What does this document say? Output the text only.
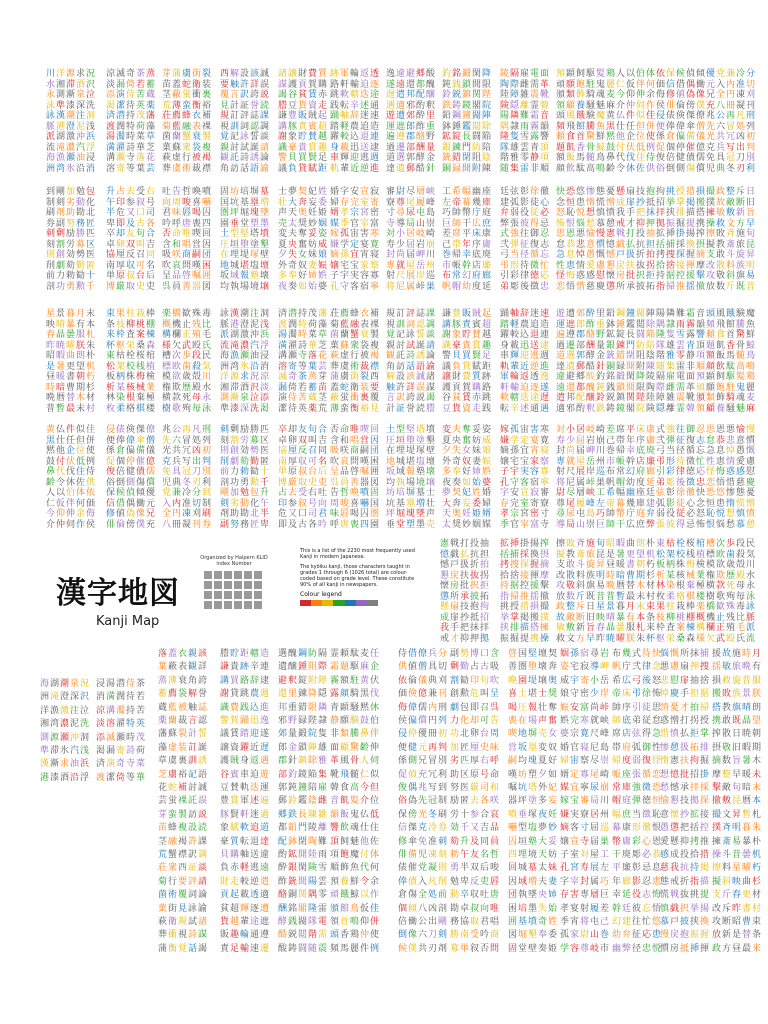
川
水
永
泳
詠
脈
派
流
海
洲
洋
湘
測
準
漢
港
湖
滝
漁
湾
源
滞
漸
漆
潮
澄
激
濃
瀬
氷
求
酒
泉
深
注
泥
沖
汽
油
沿
況
沢
泣
洗
洞
浅
浜
浮
浸
消
涼
淡
添
渇
済
渡
湯
満
溝
溶
滅
漏
演
潔
潜
潤
濁
濯
瀬
寄
奇
倚
侍
待
持
特
時
詩
寺
等
茶
若
苦
英
茂
荷
菜
華
落
葉
蒸
蓄
蔵
薬
藩
藻
草
芝
花
芸
芽
苗
茎
荒
荘
菊
菌
菓
萩
葬
蒲
蓋
蔽
薄
薦
藍
蘭
蘇
虚
虞
虜
蛇
蛍
蛮
蜂
融
蟹
衆
行
術
街
衛
衝
衡
衣
表
衰
袋
被
裁
裂
装
裏
裕
補
裸
製
複
褐
襟
西
要
覆
見
規
視
覚
親
観
角
解
触
言
計
訂
訓
記
討
託
訪
設
許
訳
証
評
詞
詠
試
詩
話
該
詳
誇
誉
誌
認
誓
誕
誘
語
誠
誤
説
読
課
調
談
請
論
諭
諸
謀
謁
謄
謙
講
謝
識
警
議
譲
護
谷
豆
豊
豚
象
豪
貝
負
財
貢
貧
貨
販
責
貯
貴
買
貸
費
賀
賃
資
賊
賓
賛
賞
賢
賦
質
購
赤
走
起
超
越
趣
足
距
跡
路
跳
践
踊
踏
躍
身
車
軌
軍
軒
軟
転
軸
軽
較
載
輝
輩
輪
輸
轄
辛
辞
農
込
迅
迎
近
返
迫
迭
述
迷
追
退
送
逃
逆
透
逐
途
通
速
造
連
逮
週
進
逸
遂
遅
遇
遊
運
遍
過
道
達
違
遠
遣
適
遭
遮
遵
遷
選
遺
避
還
邦
邪
郊
郎
郡
部
郭
郵
郷
都
配
酌
酔
酢
酪
酬
酵
酷
酸
醜
醸
釈
里
重
野
量
金
針
釣
鈍
鈴
鉄
鉛
鉢
鉱
銀
銃
銅
銘
銭
鋭
鋳
鋼
錘
錠
錬
錯
録
鍛
鎖
鎮
鏡
鐘
鑑
長
門
閉
開
閑
間
関
閣
閥
閲
闘
防
阻
附
降
限
陛
院
陣
除
陥
陪
陰
陳
陵
陶
陸
険
陽
隅
隆
隊
階
随
隔
際
障
隠
隣
隷
隻
雄
雅
集
雇
雌
雑
離
難
雨
雪
雲
零
雷
電
需
震
霊
霜
霧
露
青
静
非
面
革
靴
韓
音
韻
響
頂
項
順
預
頑
頒
領
頭
頻
頼
題
額
顔
顕
願
類
顧
風
飛
食
飢
飯
飲
飼
飽
飾
養
餓
館
首
香
馬
駄
駆
駐
騎
騒
験
騰
驚
骨
髄
高
髪
鬼
魂
魅
魔
魚
鮮
鯨
鳥
鳴
鶏
麗
麦
麻
黄
黒
黙
鼓
鼻
齢
人
仁
今
介
仏
仕
他
付
代
令
以
仮
仰
仲
件
任
企
伏
伐
休
伯
伴
伸
伺
似
但
位
低
住
佐
体
何
余
作
佳
併
使
例
侍
供
依
価
侮
侯
侵
便
係
促
俊
俗
保
信
修
俳
俵
俸
倉
個
倍
倒
候
借
値
倫
倹
偉
偏
停
健
側
偵
偶
偽
傍
傑
傘
備
催
債
傷
傾
働
像
僕
僚
僧
儀
億
儒
償
優
元
兄
充
兆
先
光
克
免
児
党
入
全
八
公
六
共
兵
具
典
兼
内
円
冊
再
冒
冗
写
冠
冬
冷
准
凍
凝
凡
処
凶
出
刀
刃
分
切
刈
刊
刑
列
初
判
別
利
到
制
刷
券
刺
刻
則
削
前
剖
剛
剣
剤
副
剰
割
創
劇
力
功
加
劣
助
努
励
労
効
劾
勅
勇
勉
動
勘
務
勝
募
勢
勤
勧
勲
包
化
北
匠
匹
区
医
匿
十
千
升
午
半
卑
卒
卓
協
南
単
博
占
印
危
即
却
卵
厘
厚
原
厳
去
参
又
及
友
双
反
収
叔
取
受
叙
口
古
句
叫
召
可
台
史
右
号
司
各
合
吉
同
名
后
吏
吐
向
君
吟
否
含
吸
吹
呈
呉
告
周
味
呼
命
和
咲
哀
品
員
哲
唆
唇
唐
唯
唱
商
問
啓
善
喚
喜
喝
喪
喫
営
嗣
嘆
嘱
器
噴
嚇
囚
四
回
因
団
困
囲
図
固
国
圏
園
土
圧
在
地
坂
均
坊
坑
坪
垂
型
垣
埋
城
域
執
培
基
堀
堂
堅
堕
堤
堪
報
場
塀
塁
塊
塑
塔
塗
塚
塩
塾
境
墓
増
墜
墨
墳
墾
壁
壇
壊
壌
士
壮
声
売
変
夏
夕
外
多
夜
夢
大
天
太
夫
央
失
奇
奉
奏
契
奔
奥
奨
奪
奮
女
奴
好
如
妃
妄
妊
妙
妥
妨
妹
妻
姉
始
姓
委
姫
姻
姿
威
娘
娠
娯
婆
婚
婦
婿
媒
嫁
嫌
嫡
嬢
子
孔
字
存
孝
季
孤
学
孫
宅
宇
守
安
完
宗
官
宙
定
宜
宝
実
客
宣
室
宮
宰
害
宴
宵
家
容
宿
寂
寄
密
富
寒
寛
寝
察
寡
寧
審
寮
寸
寺
対
寿
封
専
射
将
尉
尊
尋
導
小
少
尚
就
尺
尼
尽
尾
尿
局
居
屈
届
屋
展
属
層
履
屯
山
岐
岩
岬
岳
岸
峠
峡
峰
島
崇
崎
崩
川
州
巡
巣
工
左
巧
巨
差
己
巻
市
布
帆
希
帝
帥
師
席
帯
帰
帳
常
帽
幅
幕
幣
干
平
年
幸
幹
幻
幼
幽
幾
庁
広
床
序
底
店
府
度
座
庫
庭
庶
康
庸
廃
廉
廊
延
廷
建
弁
弊
式
弐
弓
弔
引
弟
弦
弧
弱
張
強
弾
当
形
彩
彫
彰
影
役
彼
往
征
径
待
律
後
徐
徒
従
得
御
復
循
微
徳
徴
徹
心
必
忌
忍
志
忘
忙
応
忠
快
念
怒
怖
思
怠
急
性
怪
恋
恐
恒
恥
恨
恩
恭
息
恵
悔
悟
悠
患
悦
悩
悪
悲
悼
情
惑
惜
惨
惰
想
愁
愉
意
愚
愛
感
慈
態
慌
慎
慕
慢
慣
慨
慮
慰
慶
憂
憎
憤
憩
憲
憶
憾
懇
懐
懲
懸
成
我
戒
戦
戯
戸
戻
房
所
扇
扉
手
才
打
払
扱
扶
批
承
技
抄
把
抑
投
抗
折
抜
択
披
抱
抵
抹
押
抽
担
拍
拐
拒
拓
拘
招
拝
拠
拡
括
拷
拾
持
指
挑
挙
挟
振
挿
捕
捜
捨
据
掃
授
掌
排
掘
掛
採
探
接
控
推
措
掲
描
提
揚
換
握
揮
援
揺
損
搬
搭
携
搾
摂
摘
摩
撃
撤
撮
撲
擁
操
擦
擬
支
改
攻
放
政
故
敏
救
敗
教
敢
散
敬
数
整
敵
敷
文
斉
斎
斗
料
斜
斤
斥
断
新
方
施
旅
旋
族
旗
既
日
旧
旨
早
旬
昆
昇
明
易
昔
星
映
春
昨
昭
是
昼
時
晩
普
景
晴
晶
暁
暇
暑
暖
暗
暦
暫
暮
暴
曇
曜
曲
更
書
曹
替
最
月
有
服
朕
朗
望
朝
期
木
未
末
本
札
朱
朴
机
朽
杉
材
村
束
条
来
杯
東
松
板
析
林
枚
果
枝
枠
枢
枯
架
柄
某
染
柔
柱
柳
査
栄
栓
校
株
核
根
格
栽
桃
案
桑
桜
桟
梅
械
棄
棋
棒
棚
棟
森
棺
植
検
業
極
楼
楽
概
構
様
槽
標
模
権
横
樹
橋
機
欄
欠
次
欧
欲
欺
款
歌
歓
止
正
武
歩
歯
歳
歴
死
殉
殊
残
殖
殴
段
殺
殻
殿
母
毎
毒
比
毛
氏
民
気
川
水
永
泳
詠
脈
派
流
海
洲
洋
湘
測
準
漢
港
湖
滝
漁
湾
源
滞
漸
漆
潮
澄
激
濃
瀬
氷
求
酒
泉
深
注
泥
沖
汽
油
沿
況
沢
泣
洗
洞
浅
浜
浮
浸
消
涼
淡
添
渇
済
渡
湯
満
溝
溶
滅
漏
演
潔
潜
潤
濁
濯
瀬
寄
奇
倚
侍
待
持
特
時
詩
寺
等
茶
若
苦
英
茂
荷
菜
華
落
葉
蒸
蓄
蔵
薬
藩
藻
草
芝
花
芸
芽
苗
茎
荒
荘
菊
菌
菓
萩
葬
蒲
蓋
蔽
薄
薦
藍
蘭
蘇
虚
虞
虜
蛇
蛍
蛮
蜂
融
蟹
衆
行
術
街
衛
衝
衡
衣
表
衰
袋
被
裁
裂
装
裏
裕
補
裸
製
複
褐
襟
西
要
覆
見
規
視
覚
親
観
角
解
触
言
計
訂
訓
記
討
託
訪
設
許
訳
証
評
詞
詠
試
詩
話
該
詳
誇
誉
誌
認
誓
誕
誘
語
誠
誤
説
読
課
調
談
請
論
諭
諸
謀
謁
謄
謙
講
謝
識
警
議
譲
護
谷
豆
豊
豚
象
豪
貝
負
財
貢
貧
貨
販
責
貯
貴
買
貸
費
賀
賃
資
賊
賓
賛
賞
賢
賦
質
購
赤
走
起
超
越
趣
足
距
跡
路
跳
践
踊
踏
躍
身
車
軌
軍
軒
軟
転
軸
軽
較
載
輝
輩
輪
輸
轄
辛
辞
農
込
迅
迎
近
返
迫
迭
述
迷
追
退
送
逃
逆
透
逐
途
通
速
造
連
逮
週
進
逸
遂
遅
遇
遊
運
遍
過
道
達
違
遠
遣
適
遭
遮
遵
遷
選
遺
避
還
邦
邪
郊
郎
郡
部
郭
郵
郷
都
配
酌
酔
酢
酪
酬
酵
酷
酸
醜
醸
釈
里
重
野
量
金
針
釣
鈍
鈴
鉄
鉛
鉢
鉱
銀
銃
銅
銘
銭
鋭
鋳
鋼
錘
錠
錬
錯
録
鍛
鎖
鎮
鏡
鐘
鑑
長
門
閉
開
閑
間
関
閣
閥
閲
闘
防
阻
附
降
限
陛
院
陣
除
陥
陪
陰
陳
陵
陶
陸
険
陽
隅
隆
隊
階
随
隔
際
障
隠
隣
隷
隻
雄
雅
集
雇
雌
雑
離
難
雨
雪
雲
零
雷
電
需
震
霊
霜
霧
露
青
静
非
面
革
靴
韓
音
韻
響
頂
項
順
預
頑
頒
領
頭
頻
頼
題
額
顔
顕
願
類
顧
風
飛
食
飢
飯
飲
飼
飽
飾
養
餓
館
首
香
馬
駄
駆
駐
騎
騒
験
騰
驚
骨
髄
高
髪
鬼
魂
魅
魔
魚
鮮
鯨
鳥
鳴
鶏
麗
麦
麻
黄
黒
黙
鼓
鼻
齢
人
仁
今
介
仏
仕
他
付
代
令
以
仮
仰
仲
件
任
企
伏
伐
休
伯
伴
伸
伺
似
但
位
低
住
佐
体
何
余
作
佳
併
使
例
侍
供
依
価
侮
侯
侵
便
係
促
俊
俗
保
信
修
俳
俵
俸
倉
個
倍
倒
候
借
値
倫
倹
偉
偏
停
健
側
偵
偶
偽
傍
傑
傘
備
催
債
傷
傾
働
像
僕
僚
僧
儀
億
儒
償
優
元
兄
充
兆
先
光
克
免
児
党
入
全
八
公
六
共
兵
具
典
兼
内
円
冊
再
冒
冗
写
冠
冬
冷
准
凍
凝
凡
処
凶
出
刀
刃
分
切
刈
刊
刑
列
初
判
別
利
到
制
刷
券
刺
刻
則
削
前
剖
剛
剣
剤
副
剰
割
創
劇
力
功
加
劣
助
努
励
労
効
劾
勅
勇
勉
動
勘
務
勝
募
勢
勤
勧
勲
包
化
北
匠
匹
区
医
匿
十
千
升
午
半
卑
卒
卓
協
南
単
博
占
印
危
即
却
卵
厘
厚
原
厳
去
参
又
及
友
双
反
収
叔
取
受
叙
口
古
句
叫
召
可
台
史
右
号
司
各
合
吉
同
名
后
吏
吐
向
君
吟
否
含
吸
吹
呈
呉
告
周
味
呼
命
和
咲
哀
品
員
哲
唆
唇
唐
唯
唱
商
問
啓
善
喚
喜
喝
喪
喫
営
嗣
嘆
嘱
器
噴
嚇
囚
四
回
因
団
困
囲
図
固
国
圏
園
土
圧
在
地
坂
均
坊
坑
坪
垂
型
垣
埋
城
域
執
培
基
堀
堂
堅
堕
堤
堪
報
場
塀
塁
塊
塑
塔
塗
塚
塩
塾
境
墓
増
墜
墨
墳
墾
壁
壇
壊
壌
士
壮
声
売
変
夏
夕
外
多
夜
夢
大
天
太
夫
央
失
奇
奉
奏
契
奔
奥
奨
奪
奮
女
奴
好
如
妃
妄
妊
妙
妥
妨
妹
妻
姉
始
姓
委
姫
姻
姿
威
娘
娠
娯
婆
婚
婦
婿
媒
嫁
嫌
嫡
嬢
子
孔
字
存
孝
季
孤
学
孫
宅
宇
守
安
完
宗
官
宙
定
宜
宝
実
客
宣
室
宮
宰
害
宴
宵
家
容
宿
寂
寄
密
富
寒
寛
寝
察
寡
寧
審
寮
寸
寺
対
寿
封
専
射
将
尉
尊
尋
導
小
少
尚
就
尺
尼
尽
尾
尿
局
居
屈
届
屋
展
属
層
履
屯
山
岐
岩
岬
岳
岸
峠
峡
峰
島
崇
崎
崩
川
州
巡
巣
工
左
巧
巨
差
己
巻
市
布
帆
希
帝
帥
師
席
帯
帰
帳
常
帽
幅
幕
幣
干
平
年
幸
幹
幻
幼
幽
幾
庁
広
床
序
底
店
府
度
座
庫
庭
庶
康
庸
廃
廉
廊
延
廷
建
弁
弊
式
弐
弓
弔
引
弟
弦
弧
弱
張
強
弾
当
形
彩
彫
彰
影
役
彼
往
征
径
待
律
後
徐
徒
従
得
御
復
循
微
徳
徴
徹
心
必
忌
忍
志
忘
忙
応
忠
快
念
怒
怖
思
怠
急
性
怪
恋
恐
恒
恥
恨
恩
恭
息
恵
悔
悟
悠
患
悦
悩
悪
悲
悼
情
惑
惜
惨
惰
想
愁
愉
意
愚
愛
感
慈
態
慌
慎
慕
慢
慣
慨
慮
慰
慶
憂
憎
憤
憩
憲
憶
憾
懇
懐
懲
懸
成
我
戒
戦
戯
戸
戻
房
所
扇
扉
手
才
打
払
扱
扶
批
承
技
抄
把
抑
投
抗
折
抜
択
披
抱
抵
抹
押
抽
担
拍
拐
拒
拓
拘
招
拝
拠
拡
括
拷
拾
持
指
挑
挙
挟
振
挿
捕
捜
捨
据
掃
授
掌
排
掘
掛
採
探
接
控
推
措
掲
描
提
揚
換
握
揮
援
揺
損
搬
搭
携
搾
摂
摘
摩
撃
撤
撮
撲
擁
操
擦
擬
支
改
攻
放
政
故
敏
救
敗
教
敢
散
敬
数
整
敵
敷
文
斉
斎
斗
料
斜
斤
斥
断
新
方
施
旅
旋
族
旗
既
日
旧
旨
早
旬
昆
昇
明
易
昔
星
映
春
昨
昭
是
昼
時
晩
普
景
晴
晶
暁
暇
暑
暖
暗
暦
暫
暮
暴
曇
曜
曲
更
書
曹
替
最
月
有
服
朕
朗
望
朝
期
木
未
末
本
札
朱
朴
机
朽
杉
材
村
束
条
来
杯
東
松
板
析
林
枚
果
枝
枠
枢
枯
架
柄
某
染
柔
柱
柳
査
栄
栓
校
株
核
根
格
栽
桃
案
桑
桜
桟
梅
械
棄
棋
棒
棚
棟
森
棺
植
検
業
極
楼
楽
概
構
様
槽
標
模
権
横
樹
橋
機
欄
欠
次
欧
欲
欺
款
歌
歓
止
正
武
歩
歯
歳
歴
死
殉
殊
残
殖
殴
段
殺
殻
殿
母
毎
毒
比
毛
氏
民
気
川
水
永
泳
詠
脈
派
流
海
洲
洋
湘
測
準
漢
港
湖
滝
漁
湾
源
滞
漸
漆
潮
澄
激
濃
瀬
氷
求
酒
泉
深
注
泥
沖
汽
油
沿
況
沢
泣
洗
洞
浅
浜
浮
浸
消
涼
淡
添
渇
済
渡
湯
満
溝
溶
滅
漏
演
潔
潜
潤
濁
濯
瀬
寄
奇
倚
侍
待
持
特
時
詩
寺
等
茶
若
苦
英
茂
荷
菜
華
落
葉
蒸
蓄
蔵
薬
藩
藻
草
芝
花
芸
芽
苗
茎
荒
荘
菊
菌
菓
萩
葬
蒲
蓋
蔽
薄
薦
藍
蘭
蘇
虚
虞
虜
蛇
蛍
蛮
蜂
融
蟹
衆
行
術
街
衛
衝
衡
衣
表
衰
袋
被
裁
裂
装
裏
裕
補
裸
製
複
褐
襟
西
要
覆
見
規
視
覚
親
観
角
解
触
言
計
訂
訓
記
討
託
訪
設
許
訳
証
評
詞
詠
試
詩
話
該
詳
誇
誉
誌
認
誓
誕
誘
語
誠
誤
説
読
課
調
談
請
論
諭
諸
謀
謁
謄
謙
講
謝
識
警
議
譲
護
谷
豆
豊
豚
象
豪
貝
負
財
貢
貧
貨
販
責
貯
貴
買
貸
費
賀
賃
資
賊
賓
賛
賞
賢
賦
質
購
赤
走
起
超
越
趣
足
距
跡
路
跳
践
踊
踏
躍
身
車
軌
軍
軒
軟
転
軸
軽
較
載
輝
輩
輪
輸
轄
辛
辞
農
込
迅
迎
近
返
迫
迭
述
迷
追
退
送
逃
逆
透
逐
途
通
速
造
連
逮
週
進
逸
遂
遅
遇
遊
運
遍
過
道
達
違
遠
遣
適
遭
遮
遵
遷
選
遺
避
還
邦
邪
郊
郎
郡
部
郭
郵
郷
都
配
酌
酔
酢
酪
酬
酵
酷
酸
醜
醸
釈
里
重
野
量
金
針
釣
鈍
鈴
鉄
鉛
鉢
鉱
銀
銃
銅
銘
銭
鋭
鋳
鋼
錘
錠
錬
錯
録
鍛
鎖
鎮
鏡
鐘
鑑
長
門
閉
開
閑
間
関
閣
閥
閲
闘
防
阻
附
降
限
陛
院
陣
除
陥
陪
陰
陳
陵
陶
陸
険
陽
隅
隆
隊
階
随
隔
際
障
隠
隣
隷
隻
雄
雅
集
雇
雌
雑
離
難
雨
雪
雲
零
雷
電
需
震
霊
霜
霧
露
青
静
非
面
革
靴
韓
音
韻
響
頂
項
順
預
頑
頒
領
頭
頻
頼
題
額
顔
顕
願
類
顧
風
飛
食
飢
飯
飲
飼
飽
飾
養
餓
館
首
香
馬
駄
駆
駐
騎
騒
験
騰
驚
骨
髄
高
髪
鬼
魂
魅
魔
魚
鮮
鯨
鳥
鳴
鶏
麗
麦
麻
黄
黒
黙
鼓
鼻
齢
人
仁
今
介
仏
仕
他
付
代
令
以
仮
仰
仲
件
任
企
伏
伐
休
伯
伴
伸
伺
似
但
位
低
住
佐
体
何
余
作
佳
併
使
例
侍
供
依
価
侮
侯
侵
便
係
促
俊
俗
保
信
修
俳
俵
俸
倉
個
倍
倒
候
借
値
倫
倹
偉
偏
停
健
側
偵
偶
偽
傍
傑
傘
備
催
債
傷
傾
働
像
僕
僚
僧
儀
億
儒
償
優
元
兄
充
兆
先
光
克
免
児
党
入
全
八
公
六
共
兵
具
典
兼
内
円
冊
再
冒
冗
写
冠
冬
冷
准
凍
凝
凡
処
凶
出
刀
刃
分
切
刈
刊
刑
列
初
判
別
利
到
制
刷
券
刺
刻
則
削
前
剖
剛
剣
剤
副
剰
割
創
劇
力
功
加
劣
助
努
励
労
効
劾
勅
勇
勉
動
勘
務
勝
募
勢
勤
勧
勲
包
化
北
匠
匹
区
医
匿
十
千
升
午
半
卑
卒
卓
協
南
単
博
占
印
危
即
却
卵
厘
厚
原
厳
去
参
又
及
友
双
反
収
叔
取
受
叙
口
古
句
叫
召
可
台
史
右
号
司
各
合
吉
同
名
后
吏
吐
向
君
吟
否
含
吸
吹
呈
呉
告
周
味
呼
命
和
咲
哀
品
員
哲
唆
唇
唐
唯
唱
商
問
啓
善
喚
喜
喝
喪
喫
営
嗣
嘆
嘱
器
噴
嚇
囚
四
回
因
団
困
囲
図
固
国
圏
園
土
圧
在
地
坂
均
坊
坑
坪
垂
型
垣
埋
城
域
執
培
基
堀
堂
堅
堕
堤
堪
報
場
塀
塁
塊
塑
塔
塗
塚
塩
塾
境
墓
増
墜
墨
墳
墾
壁
壇
壊
壌
士
壮
声
売
変
夏
夕
外
多
夜
夢
大
天
太
夫
央
失
奇
奉
奏
契
奔
奥
奨
奪
奮
女
奴
好
如
妃
妄
妊
妙
妥
妨
妹
妻
姉
始
姓
委
姫
姻
姿
威
娘
娠
娯
婆
婚
婦
婿
媒
嫁
嫌
嫡
嬢
子
孔
字
存
孝
季
孤
学
孫
宅
宇
守
安
完
宗
官
宙
定
宜
宝
実
客
宣
室
宮
宰
害
宴
宵
家
容
宿
寂
寄
密
富
寒
寛
寝
察
寡
寧
審
寮
寸
寺
対
寿
封
専
射
将
尉
尊
尋
導
小
少
尚
就
尺
尼
尽
尾
尿
局
居
屈
届
屋
展
属
層
履
屯
山
岐
岩
岬
岳
岸
峠
峡
峰
島
崇
崎
崩
川
州
巡
巣
工
左
巧
巨
差
己
巻
市
布
帆
希
帝
帥
師
席
帯
帰
帳
常
帽
幅
幕
幣
干
平
年
幸
幹
幻
幼
幽
幾
庁
広
床
序
底
店
府
度
座
庫
庭
庶
康
庸
廃
廉
廊
延
廷
建
弁
弊
式
弐
弓
弔
引
弟
弦
弧
弱
張
強
弾
当
形
彩
彫
彰
影
役
彼
往
征
径
待
律
後
徐
徒
従
得
御
復
循
微
徳
徴
徹
心
必
忌
忍
志
忘
忙
応
忠
快
念
怒
怖
思
怠
急
性
怪
恋
恐
恒
恥
恨
恩
恭
息
恵
悔
悟
悠
患
悦
悩
悪
悲
悼
情
惑
惜
惨
惰
想
愁
愉
意
愚
愛
感
慈
態
慌
慎
慕
慢
慣
慨
慮
慰
慶
憂
憎
憤
憩
憲
憶
憾
懇
懐
懲
懸
成
我
戒
戦
戯
戸
戻
房
所
扇
扉
手
才
打
払
扱
扶
批
承
技
抄
把
抑
投
抗
折
抜
択
披
抱
抵
抹
押
抽
担
拍
拐
拒
拓
拘
招
拝
拠
拡
括
拷
拾
持
指
挑
挙
挟
振
挿
捕
捜
捨
据
掃
授
掌
排
掘
掛
採
探
接
控
推
措
掲
描
提
揚
換
握
揮
援
揺
損
搬
搭
携
搾
摂
摘
摩
撃
撤
撮
撲
擁
操
擦
擬
支
改
攻
放
政
故
敏
救
敗
教
敢
散
敬
数
整
敵
敷
文
斉
斎
斗
料
斜
斤
斥
断
新
方
施
旅
旋
族
旗
既
日
旧
旨
早
旬
昆
昇
明
易
昔
星
映
春
昨
昭
是
昼
時
晩
普
景
晴
晶
暁
暇
暑
暖
暗
暦
暫
暮
暴
曇
曜
曲
更
書
曹
替
最
月
有
服
朕
朗
望
朝
期
木
未
末
本
札
朱
朴
机
朽
杉
材
村
束
条
来
漢字地図
Kanji Map
Organized by Halpern KLID index Number

This is a list of the 2230 most frequently used Kanji in modern Japanese.

The kyōiku kanji, those characters taught in grades 1 through 6 (1026 total) are colour-coded based on grade level. These constitute 90% of all kanji in newspapers.

Colour legend
